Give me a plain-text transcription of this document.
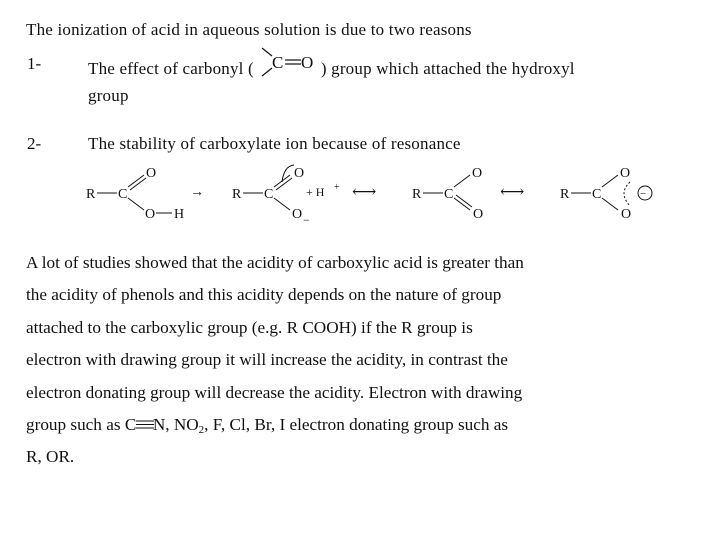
The ionization of acid in aqueous solution is due to two reasons
1-	The effect of carbonyl ( C O ) group which attached the hydroxyl
group
2-	The stability of carboxylate ion because of resonance
R C
O
O H
→ R C
O
O −
+ H + ⟷	R C
O
O
⟷	R C
O
O
−
A lot of studies showed that the acidity of carboxylic acid is greater than
the acidity of phenols and this acidity depends on the nature of group
attached to the carboxylic group (e.g. R COOH) if the R group is
electron with drawing group it will increase the acidity, in contrast the
electron donating group will decrease the acidity. Electron with drawing
group such as C N, $NO_2$, F, Cl, Br, I electron donating group such as
R, OR.
